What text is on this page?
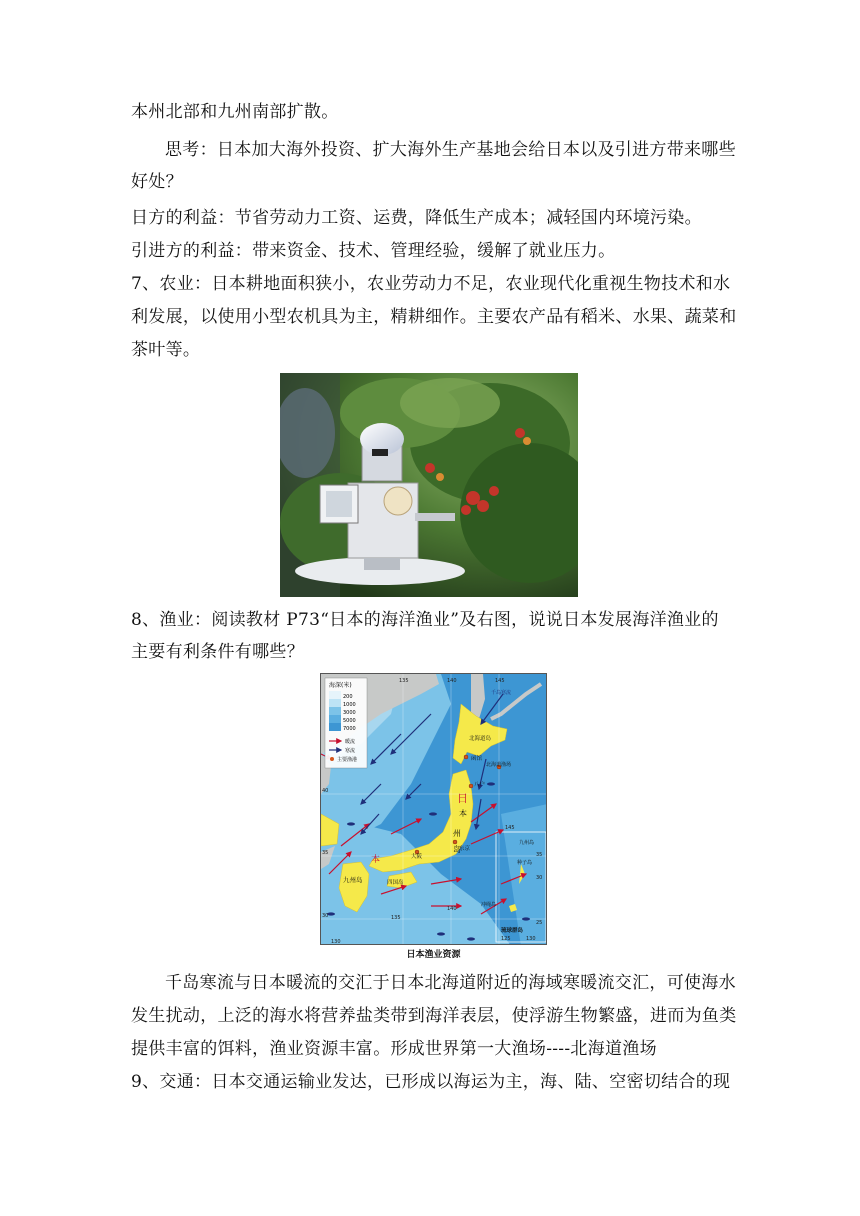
本州北部和九州南部扩散。
思考：日本加大海外投资、扩大海外生产基地会给日本以及引进方带来哪些
好处？
日方的利益：节省劳动力工资、运费，降低生产成本；减轻国内环境污染。
引进方的利益：带来资金、技术、管理经验，缓解了就业压力。
7、农业：日本耕地面积狭小，农业劳动力不足，农业现代化重视生物技术和水
利发展，以使用小型农机具为主，精耕细作。主要农产品有稻米、水果、蔬菜和
茶叶等。
8、渔业：阅读教材 P73“日本的海洋渔业”及右图，说说日本发展海洋渔业的
主要有利条件有哪些？
海深(米)
200
1000
3000
5000
7000
暖流
寒流
主要渔港
135	140	145
130
135
140
145
125	130
40
35
30
35
30
25
北海道岛
函馆
北海道渔场
八户
日
本
州
岛
东京
本	大阪
四国岛
九州岛
九州岛
种子岛
冲绳岛
琉球群岛
千岛寒流
日本渔业资源
千岛寒流与日本暖流的交汇于日本北海道附近的海域寒暖流交汇，可使海水
发生扰动，上泛的海水将营养盐类带到海洋表层，使浮游生物繁盛，进而为鱼类
提供丰富的饵料，渔业资源丰富。形成世界第一大渔场----北海道渔场
9、交通：日本交通运输业发达，已形成以海运为主，海、陆、空密切结合的现
